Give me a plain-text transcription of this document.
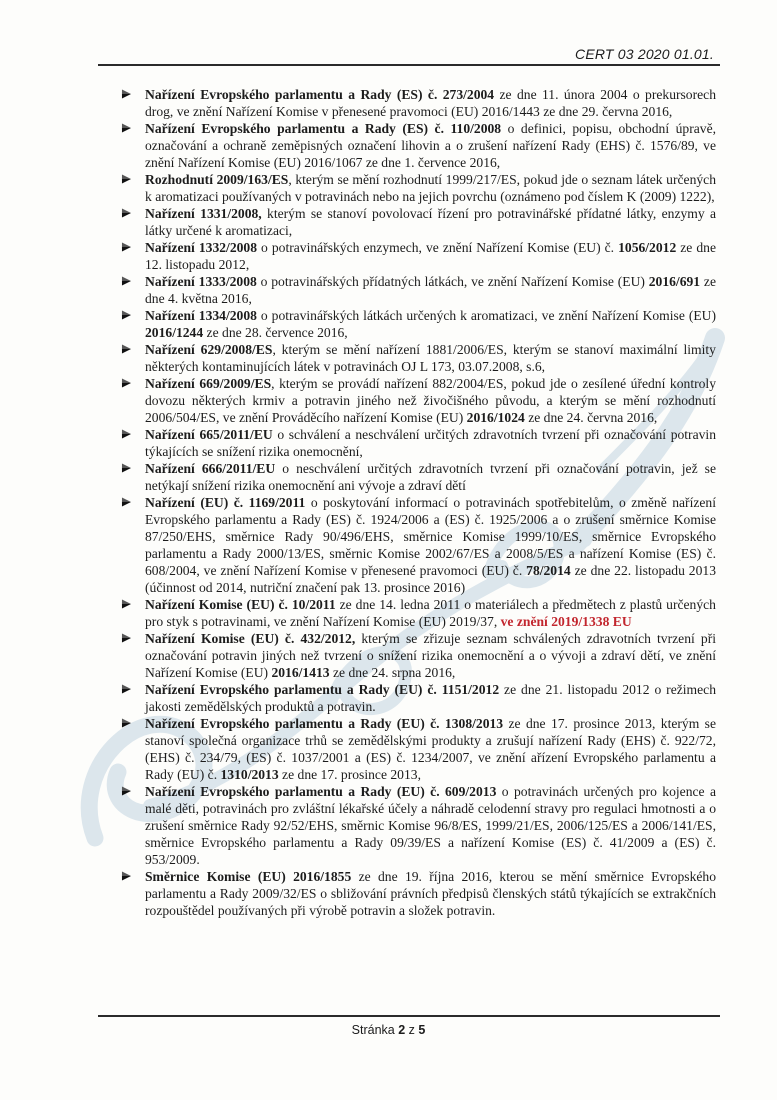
CERT 03 2020 01.01.
Nařízení Evropského parlamentu a Rady (ES) č. 273/2004 ze dne 11. února 2004 o prekursorech drog, ve znění Nařízení Komise v přenesené pravomoci (EU) 2016/1443 ze dne 29. června 2016,
Nařízení Evropského parlamentu a Rady (ES) č. 110/2008 o definici, popisu, obchodní úpravě, označování a ochraně zeměpisných označení lihovin a o zrušení nařízení Rady (EHS) č. 1576/89, ve znění Nařízení Komise (EU) 2016/1067 ze dne 1. července 2016,
Rozhodnutí 2009/163/ES, kterým se mění rozhodnutí 1999/217/ES, pokud jde o seznam látek určených k aromatizaci používaných v potravinách nebo na jejich povrchu (oznámeno pod číslem K (2009) 1222),
Nařízení 1331/2008, kterým se stanoví povolovací řízení pro potravinářské přídatné látky, enzymy a látky určené k aromatizaci,
Nařízení 1332/2008 o potravinářských enzymech, ve znění Nařízení Komise (EU) č. 1056/2012 ze dne 12. listopadu 2012,
Nařízení 1333/2008 o potravinářských přídatných látkách, ve znění Nařízení Komise (EU) 2016/691 ze dne 4. května 2016,
Nařízení 1334/2008 o potravinářských látkách určených k aromatizaci, ve znění Nařízení Komise (EU) 2016/1244 ze dne 28. července 2016,
Nařízení 629/2008/ES, kterým se mění nařízení 1881/2006/ES, kterým se stanoví maximální limity některých kontaminujících látek v potravinách OJ L 173, 03.07.2008, s.6,
Nařízení 669/2009/ES, kterým se provádí nařízení 882/2004/ES, pokud jde o zesílené úřední kontroly dovozu některých krmiv a potravin jiného než živočišného původu, a kterým se mění rozhodnutí 2006/504/ES, ve znění Prováděcího nařízení Komise (EU) 2016/1024 ze dne 24. června 2016,
Nařízení 665/2011/EU o schválení a neschválení určitých zdravotních tvrzení při označování potravin týkajících se snížení rizika onemocnění,
Nařízení 666/2011/EU o neschválení určitých zdravotních tvrzení při označování potravin, jež se netýkají snížení rizika onemocnění ani vývoje a zdraví dětí
Nařízení (EU) č. 1169/2011 o poskytování informací o potravinách spotřebitelům, o změně nařízení Evropského parlamentu a Rady (ES) č. 1924/2006 a (ES) č. 1925/2006 a o zrušení směrnice Komise 87/250/EHS, směrnice Rady 90/496/EHS, směrnice Komise 1999/10/ES, směrnice Evropského parlamentu a Rady 2000/13/ES, směrnic Komise 2002/67/ES a 2008/5/ES a nařízení Komise (ES) č. 608/2004, ve znění Nařízení Komise v přenesené pravomoci (EU) č. 78/2014 ze dne 22. listopadu 2013 (účinnost od 2014, nutriční značení pak 13. prosince 2016)
Nařízení Komise (EU) č. 10/2011 ze dne 14. ledna 2011 o materiálech a předmětech z plastů určených pro styk s potravinami, ve znění Nařízení Komise (EU) 2019/37, ve znění 2019/1338 EU
Nařízení Komise (EU) č. 432/2012, kterým se zřizuje seznam schválených zdravotních tvrzení při označování potravin jiných než tvrzení o snížení rizika onemocnění a o vývoji a zdraví dětí, ve znění Nařízení Komise (EU) 2016/1413 ze dne 24. srpna 2016,
Nařízení Evropského parlamentu a Rady (EU) č. 1151/2012 ze dne 21. listopadu 2012 o režimech jakosti zemědělských produktů a potravin.
Nařízení Evropského parlamentu a Rady (EU) č. 1308/2013 ze dne 17. prosince 2013, kterým se stanoví společná organizace trhů se zemědělskými produkty a zrušují nařízení Rady (EHS) č. 922/72, (EHS) č. 234/79, (ES) č. 1037/2001 a (ES) č. 1234/2007, ve znění ařízení Evropského parlamentu a Rady (EU) č. 1310/2013 ze dne 17. prosince 2013,
Nařízení Evropského parlamentu a Rady (EU) č. 609/2013 o potravinách určených pro kojence a malé děti, potravinách pro zvláštní lékařské účely a náhradě celodenní stravy pro regulaci hmotnosti a o zrušení směrnice Rady 92/52/EHS, směrnic Komise 96/8/ES, 1999/21/ES, 2006/125/ES a 2006/141/ES, směrnice Evropského parlamentu a Rady 09/39/ES a nařízení Komise (ES) č. 41/2009 a (ES) č. 953/2009.
Směrnice Komise (EU) 2016/1855 ze dne 19. října 2016, kterou se mění směrnice Evropského parlamentu a Rady 2009/32/ES o sbližování právních předpisů členských států týkajících se extrakčních rozpouštědel používaných při výrobě potravin a složek potravin.
Stránka 2 z 5
